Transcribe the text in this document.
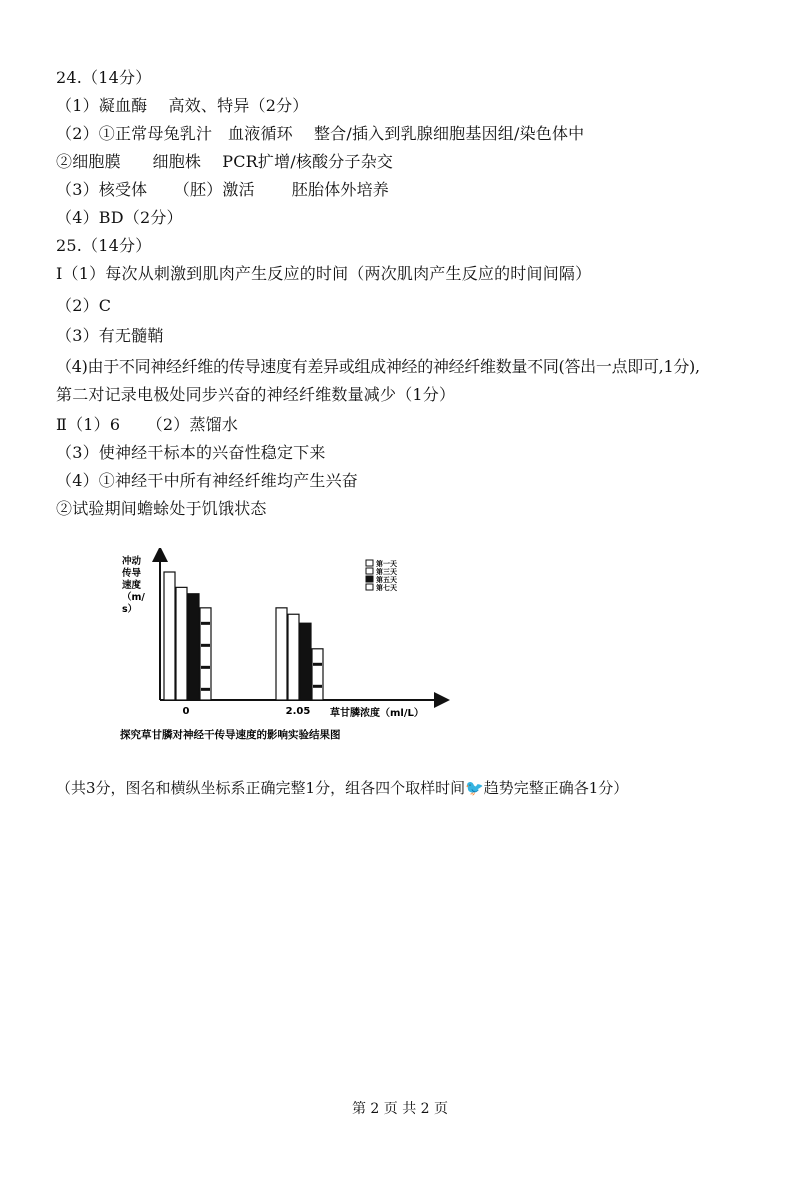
24.（14分）
（1）凝血酶    高效、特异（2分）
（2）①正常母兔乳汁   血液循环    整合/插入到乳腺细胞基因组/染色体中
②细胞膜      细胞株    PCR扩增/核酸分子杂交
（3）核受体     （胚）激活       胚胎体外培养
（4）BD（2分）
25.（14分）
Ⅰ（1）每次从刺激到肌肉产生反应的时间（两次肌肉产生反应的时间间隔）
（2）C
（3）有无髓鞘
（4)由于不同神经纤维的传导速度有差异或组成神经的神经纤维数量不同(答出一点即可,1分),
第二对记录电极处同步兴奋的神经纤维数量减少（1分）
Ⅱ（1）6     （2）蒸馏水
（3）使神经干标本的兴奋性稳定下来
（4）①神经干中所有神经纤维均产生兴奋
②试验期间蟾蜍处于饥饿状态
冲动
传导
速度
（m/
s）
0	2.05 草甘膦浓度（ml/L）
第一天
第三天
第五天
第七天
探究草甘膦对神经干传导速度的影响实验结果图
（共3分，图名和横纵坐标系正确完整1分，组各四个取样时间🐦趋势完整正确各1分）
第 2 页 共 2 页
